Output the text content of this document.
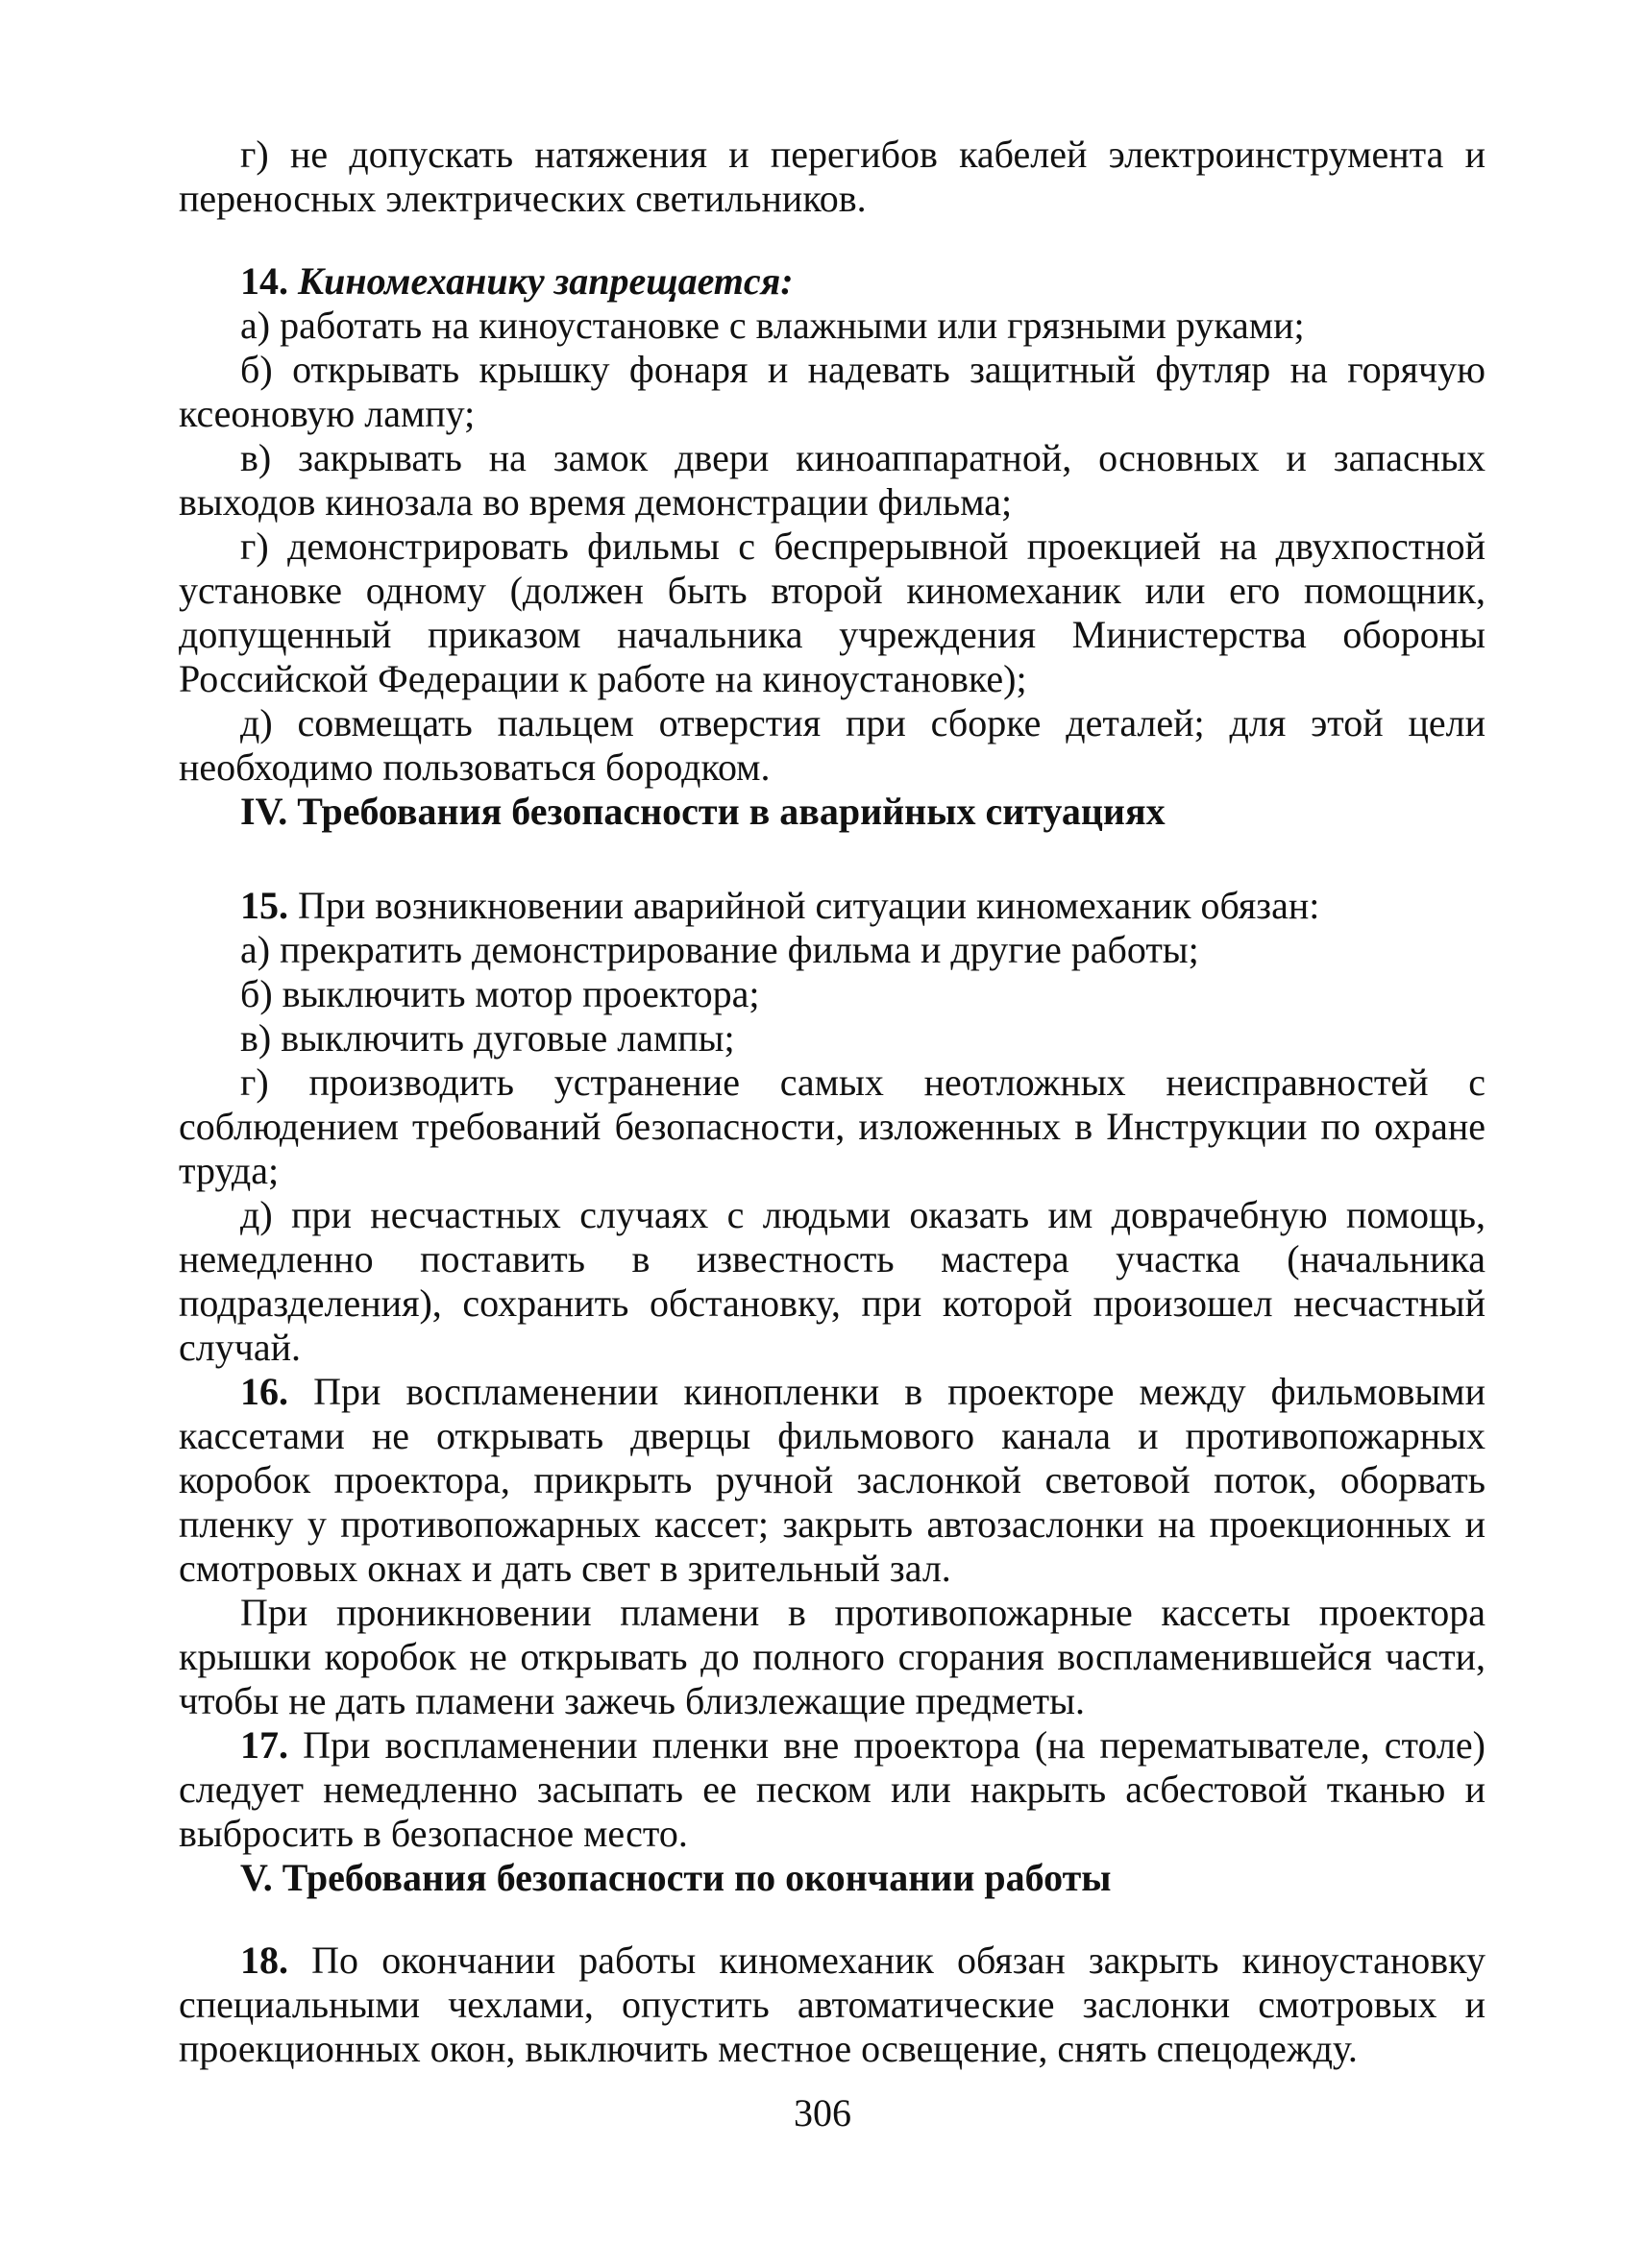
г) не допускать натяжения и перегибов кабелей электроинструмента и переносных электрических светильников.

14. Киномеханику запрещается:

а) работать на киноустановке с влажными или грязными руками;

б) открывать крышку фонаря и надевать защитный футляр на горячую ксеоновую лампу;

в) закрывать на замок двери киноаппаратной, основных и запасных выходов кинозала во время демонстрации фильма;

г) демонстрировать фильмы с беспрерывной проекцией на двухпостной установке одному (должен быть второй киномеханик или его помощник, допущенный приказом начальника учреждения Министерства обороны Российской Федерации к работе на киноустановке);

д) совмещать пальцем отверстия при сборке деталей; для этой цели необходимо пользоваться бородком.

IV. Требования безопасности в аварийных ситуациях

15. При возникновении аварийной ситуации киномеханик обязан:

а) прекратить демонстрирование фильма и другие работы;

б) выключить мотор проектора;

в) выключить дуговые лампы;

г) производить устранение самых неотложных неисправностей с соблюдением требований безопасности, изложенных в Инструкции по охране труда;

д) при несчастных случаях с людьми оказать им доврачебную помощь, немедленно поставить в известность мастера участка (начальника подразделения), сохранить обстановку, при которой произошел несчастный случай.

16. При воспламенении кинопленки в проекторе между фильмовыми кассетами не открывать дверцы фильмового канала и противопожарных коробок проектора, прикрыть ручной заслонкой световой поток, оборвать пленку у противопожарных кассет; закрыть автозаслонки на проекционных и смотровых окнах и дать свет в зрительный зал.

При проникновении пламени в противопожарные кассеты проектора крышки коробок не открывать до полного сгорания воспламенившейся части, чтобы не дать пламени зажечь близлежащие предметы.

17. При воспламенении пленки вне проектора (на перематывателе, столе) следует немедленно засыпать ее песком или накрыть асбестовой тканью и выбросить в безопасное место.

V. Требования безопасности по окончании работы

18. По окончании работы киномеханик обязан закрыть киноустановку специальными чехлами, опустить автоматические заслонки смотровых и проекционных окон, выключить местное освещение, снять спецодежду.

306
